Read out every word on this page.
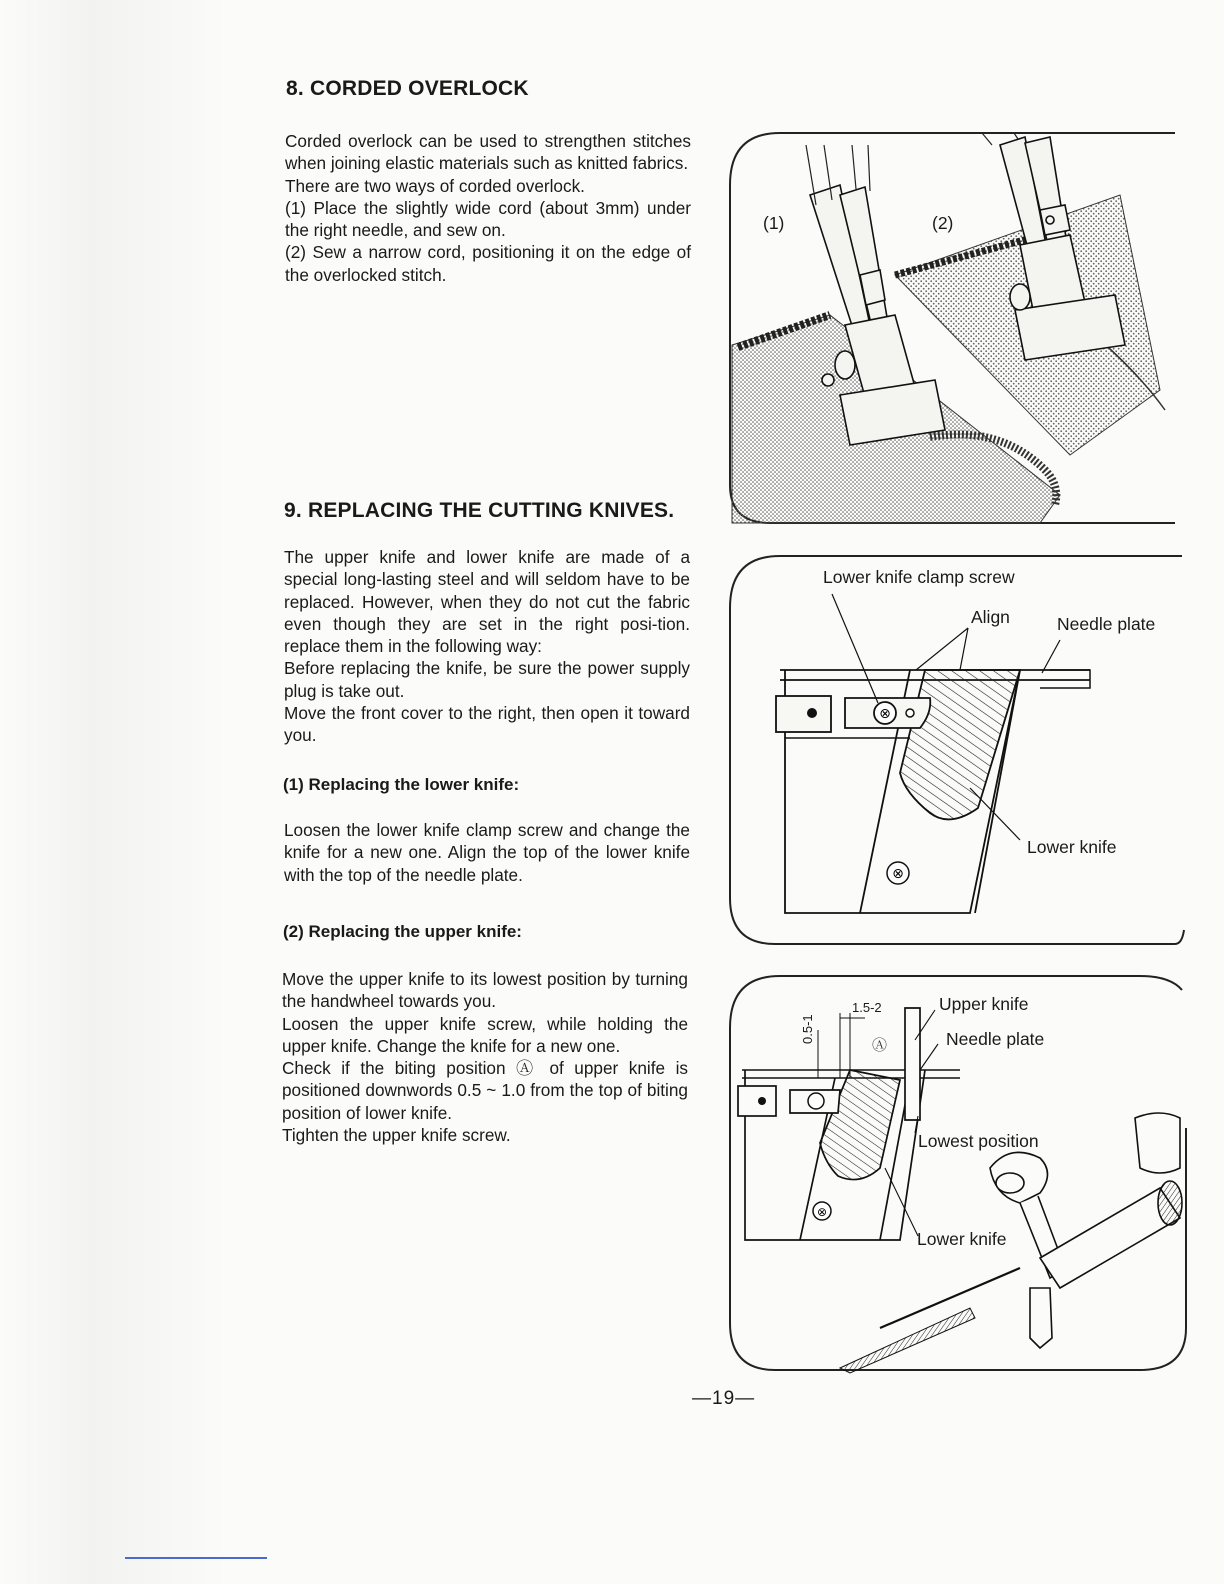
8. CORDED OVERLOCK

Corded overlock can be used to strengthen stitches when joining elastic materials such as knitted fabrics.

There are two ways of corded overlock.

(1) Place the slightly wide cord (about 3mm) under the right needle, and sew on.

(2) Sew a narrow cord, positioning it on the edge of the overlocked stitch.

9. REPLACING THE CUTTING KNIVES.

The upper knife and lower knife are made of a special long-lasting steel and will seldom have to be replaced. However, when they do not cut the fabric even though they are set in the right posi-tion. replace them in the following way:

Before replacing the knife, be sure the power supply plug is take out.

Move the front cover to the right, then open it toward you.

(1) Replacing the lower knife:

Loosen the lower knife clamp screw and change the knife for a new one. Align the top of the lower knife with the top of the needle plate.

(2) Replacing the upper knife:

Move the upper knife to its lowest position by turning the handwheel towards you.

Loosen the upper knife screw, while holding the upper knife. Change the knife for a new one.

Check if the biting position Ⓐ of upper knife is positioned downwords 0.5 ~ 1.0 from the top of biting position of lower knife.

Tighten the upper knife screw.

(1)	(2)
⊗
⊗
Lower knife clamp screw
Align	Needle plate
Lower knife
⊗
1.5-2
0.5-1
Ⓐ
Upper knife
Needle plate
Lowest position
Lower knife
—19—
